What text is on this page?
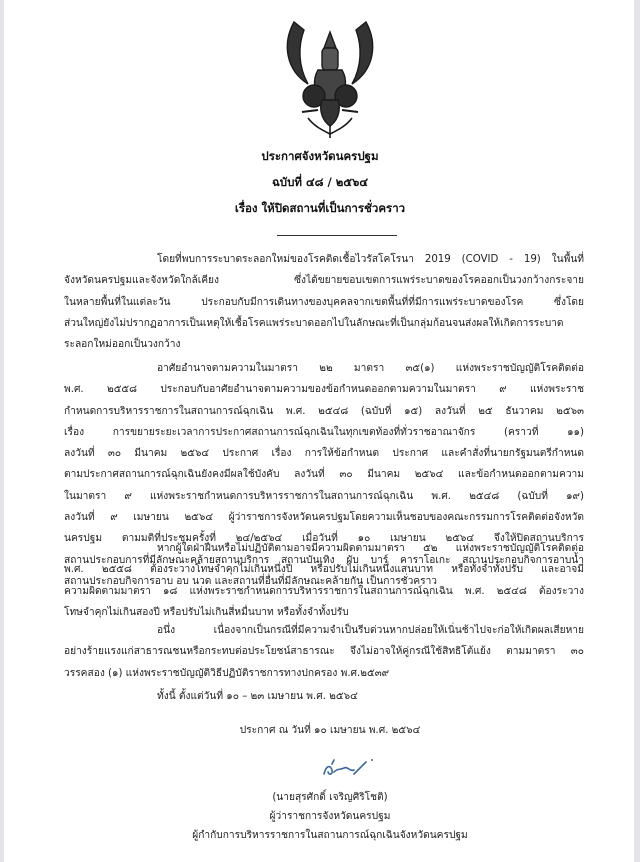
ประกาศจังหวัดนครปฐม
ฉบับที่ ๔๘ / ๒๕๖๔
เรื่อง ให้ปิดสถานที่เป็นการชั่วคราว
โดยที่พบการระบาดระลอกใหม่ของโรคติดเชื้อไวรัสโคโรนา 2019 (COVID - 19) ในพื้นที่
จังหวัดนครปฐมและจังหวัดใกล้เคียง ซึ่งได้ขยายขอบเขตการแพร่ระบาดของโรคออกเป็นวงกว้างกระจาย
ในหลายพื้นที่ในแต่ละวัน ประกอบกับมีการเดินทางของบุคคลจากเขตพื้นที่ที่มีการแพร่ระบาดของโรค ซึ่งโดย
ส่วนใหญ่ยังไม่ปรากฏอาการเป็นเหตุให้เชื้อโรคแพร่ระบาดออกไปในลักษณะที่เป็นกลุ่มก้อนจนส่งผลให้เกิดการระบาด
ระลอกใหม่ออกเป็นวงกว้าง
อาศัยอำนาจตามความในมาตรา ๒๒ มาตรา ๓๕(๑) แห่งพระราชบัญญัติโรคติดต่อ
พ.ศ. ๒๕๕๘ ประกอบกับอาศัยอำนาจตามความของข้อกำหนดออกตามความในมาตรา ๙ แห่งพระราช
กำหนดการบริหารราชการในสถานการณ์ฉุกเฉิน พ.ศ. ๒๕๔๘ (ฉบับที่ ๑๕) ลงวันที่ ๒๕ ธันวาคม ๒๕๖๓
เรื่อง การขยายระยะเวลาการประกาศสถานการณ์ฉุกเฉินในทุกเขตท้องที่ทั่วราชอาณาจักร (คราวที่ ๑๑)
ลงวันที่ ๓๐ มีนาคม ๒๕๖๔ ประกาศ เรื่อง การให้ข้อกำหนด ประกาศ และคำสั่งที่นายกรัฐมนตรีกำหนด
ตามประกาศสถานการณ์ฉุกเฉินยังคงมีผลใช้บังคับ ลงวันที่ ๓๐ มีนาคม ๒๕๖๔ และข้อกำหนดออกตามความ
ในมาตรา ๙ แห่งพระราชกำหนดการบริหารราชการในสถานการณ์ฉุกเฉิน พ.ศ. ๒๕๔๘ (ฉบับที่ ๑๙)
ลงวันที่ ๙ เมษายน ๒๕๖๔ ผู้ว่าราชการจังหวัดนครปฐมโดยความเห็นชอบของคณะกรรมการโรคติดต่อจังหวัด
นครปฐม ตามมติที่ประชุมครั้งที่ ๒๔/๒๕๖๔ เมื่อวันที่ ๑๐ เมษายน ๒๕๖๔ จึงให้ปิดสถานบริการ
สถานประกอบการที่มีลักษณะคล้ายสถานบริการ สถานบันเทิง ผับ บาร์ คาราโอเกะ สถานประกอบกิจการอาบน้ำ
สถานประกอบกิจการอาบ อบ นวด และสถานที่อื่นที่มีลักษณะคล้ายกัน เป็นการชั่วคราว
หากผู้ใดฝ่าฝืนหรือไม่ปฏิบัติตามอาจมีความผิดตามมาตรา ๕๒ แห่งพระราชบัญญัติโรคติดต่อ
พ.ศ. ๒๕๕๘ ต้องระวางโทษจำคุกไม่เกินหนึ่งปี หรือปรับไม่เกินหนึ่งแสนบาท หรือทั้งจำทั้งปรับ และอาจมี
ความผิดตามมาตรา ๑๘ แห่งพระราชกำหนดการบริหารราชการในสถานการณ์ฉุกเฉิน พ.ศ. ๒๕๔๘ ต้องระวาง
โทษจำคุกไม่เกินสองปี หรือปรับไม่เกินสี่หมื่นบาท หรือทั้งจำทั้งปรับ
อนึ่ง เนื่องจากเป็นกรณีที่มีความจำเป็นรีบด่วนหากปล่อยให้เนิ่นช้าไปจะก่อให้เกิดผลเสียหาย
อย่างร้ายแรงแก่สาธารณชนหรือกระทบต่อประโยชน์สาธารณะ จึงไม่อาจให้คู่กรณีใช้สิทธิโต้แย้ง ตามมาตรา ๓๐
วรรคสอง (๑) แห่งพระราชบัญญัติวิธีปฏิบัติราชการทางปกครอง พ.ศ.๒๕๓๙
ทั้งนี้ ตั้งแต่วันที่ ๑๐ – ๒๓ เมษายน พ.ศ. ๒๕๖๔
ประกาศ ณ วันที่ ๑๐ เมษายน พ.ศ. ๒๕๖๔
(นายสุรศักดิ์ เจริญศิริโชติ)
ผู้ว่าราชการจังหวัดนครปฐม
ผู้กำกับการบริหารราชการในสถานการณ์ฉุกเฉินจังหวัดนครปฐม
